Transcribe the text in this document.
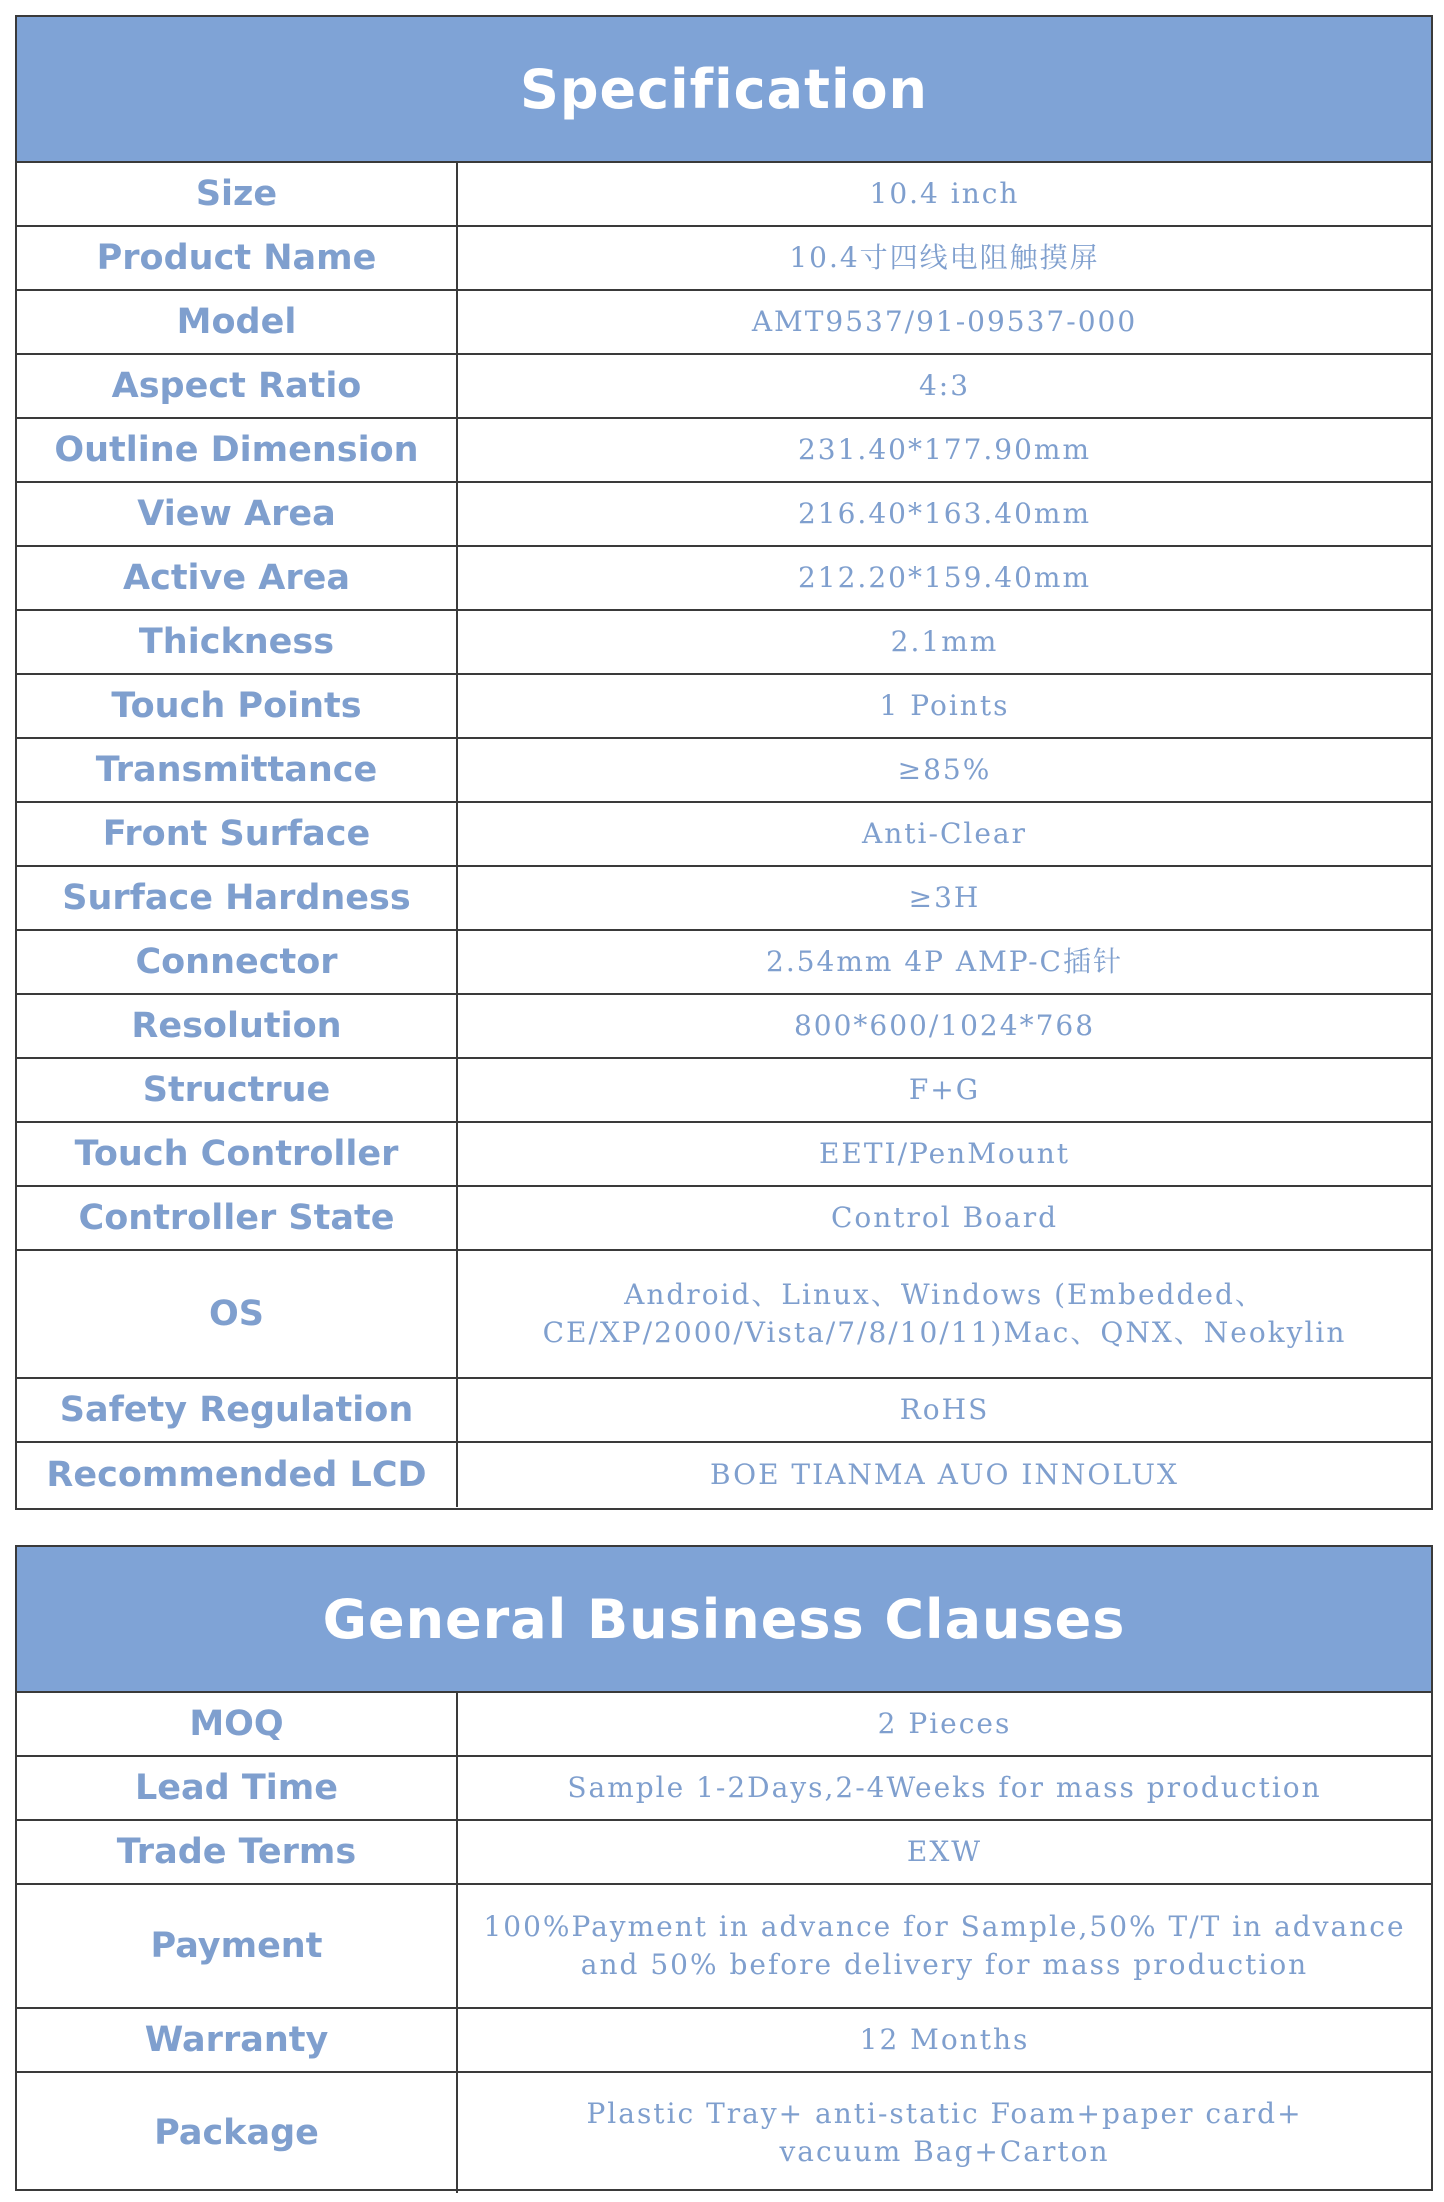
Specification
Size	10.4 inch
Product Name	10.4寸四线电阻触摸屏
Model	AMT9537/91-09537-000
Aspect Ratio	4:3
Outline Dimension	231.40*177.90mm
View Area	216.40*163.40mm
Active Area	212.20*159.40mm
Thickness	2.1mm
Touch Points	1 Points
Transmittance	≥85%
Front Surface	Anti-Clear
Surface Hardness	≥3H
Connector	2.54mm 4P AMP-C插针
Resolution	800*600/1024*768
Structrue	F+G
Touch Controller	EETI/PenMount
Controller State	Control Board
OS	Android、Linux、Windows (Embedded、
CE/XP/2000/Vista/7/8/10/11)Mac、QNX、Neokylin
Safety Regulation	RoHS
Recommended LCD	BOE TIANMA AUO INNOLUX
General Business Clauses
MOQ	2 Pieces
Lead Time	Sample 1-2Days,2-4Weeks for mass production
Trade Terms	EXW
Payment	100%Payment in advance for Sample,50% T/T in advance
and 50% before delivery for mass production
Warranty	12 Months
Package	Plastic Tray+ anti-static Foam+paper card+
vacuum Bag+Carton
